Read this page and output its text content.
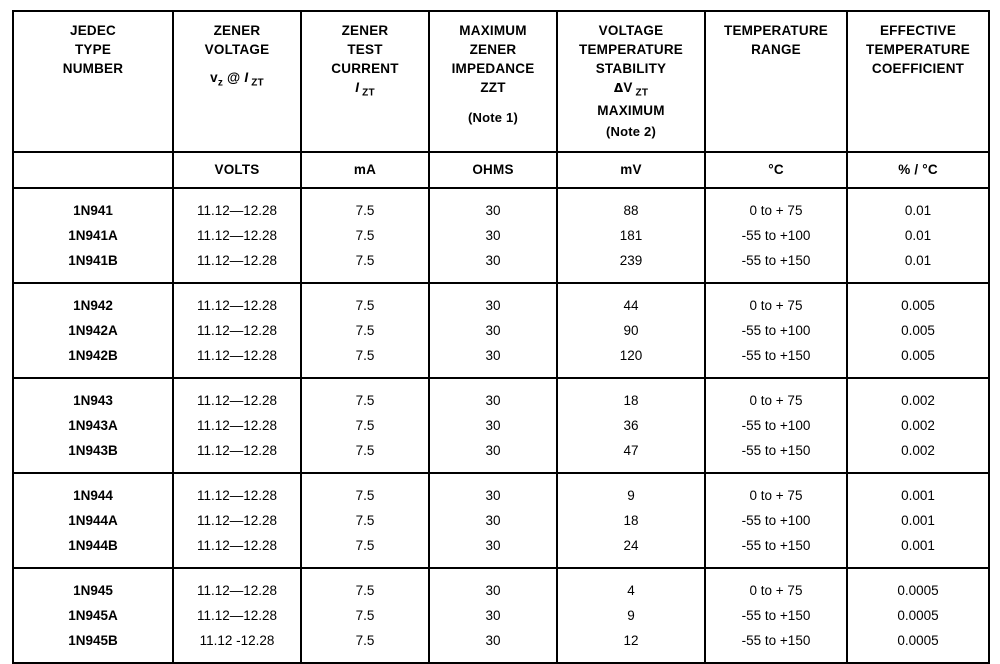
JEDEC
TYPE
NUMBER

ZENER
VOLTAGE
$v_z$ @ I $_{ZT}$

ZENER
TEST
CURRENT
I $_{ZT}$

MAXIMUM
ZENER
IMPEDANCE
ZZT
(Note 1)

VOLTAGE
TEMPERATURE
STABILITY
ΔV $_{ZT}$
MAXIMUM
(Note 2)

TEMPERATURE
RANGE

EFFECTIVE
TEMPERATURE
COEFFICIENT

	VOLTS	mA	OHMS	mV	°C	% / °C
1N941	11.12—12.28	7.5	30	88	0 to + 75	0.01
1N941A	11.12—12.28	7.5	30	181	-55 to +100	0.01
1N941B	11.12—12.28	7.5	30	239	-55 to +150	0.01
1N942	11.12—12.28	7.5	30	44	0 to + 75	0.005
1N942A	11.12—12.28	7.5	30	90	-55 to +100	0.005
1N942B	11.12—12.28	7.5	30	120	-55 to +150	0.005
1N943	11.12—12.28	7.5	30	18	0 to + 75	0.002
1N943A	11.12—12.28	7.5	30	36	-55 to +100	0.002
1N943B	11.12—12.28	7.5	30	47	-55 to +150	0.002
1N944	11.12—12.28	7.5	30	9	0 to + 75	0.001
1N944A	11.12—12.28	7.5	30	18	-55 to +100	0.001
1N944B	11.12—12.28	7.5	30	24	-55 to +150	0.001
1N945	11.12—12.28	7.5	30	4	0 to + 75	0.0005
1N945A	11.12—12.28	7.5	30	9	-55 to +150	0.0005
1N945B	11.12 -12.28	7.5	30	12	-55 to +150	0.0005
